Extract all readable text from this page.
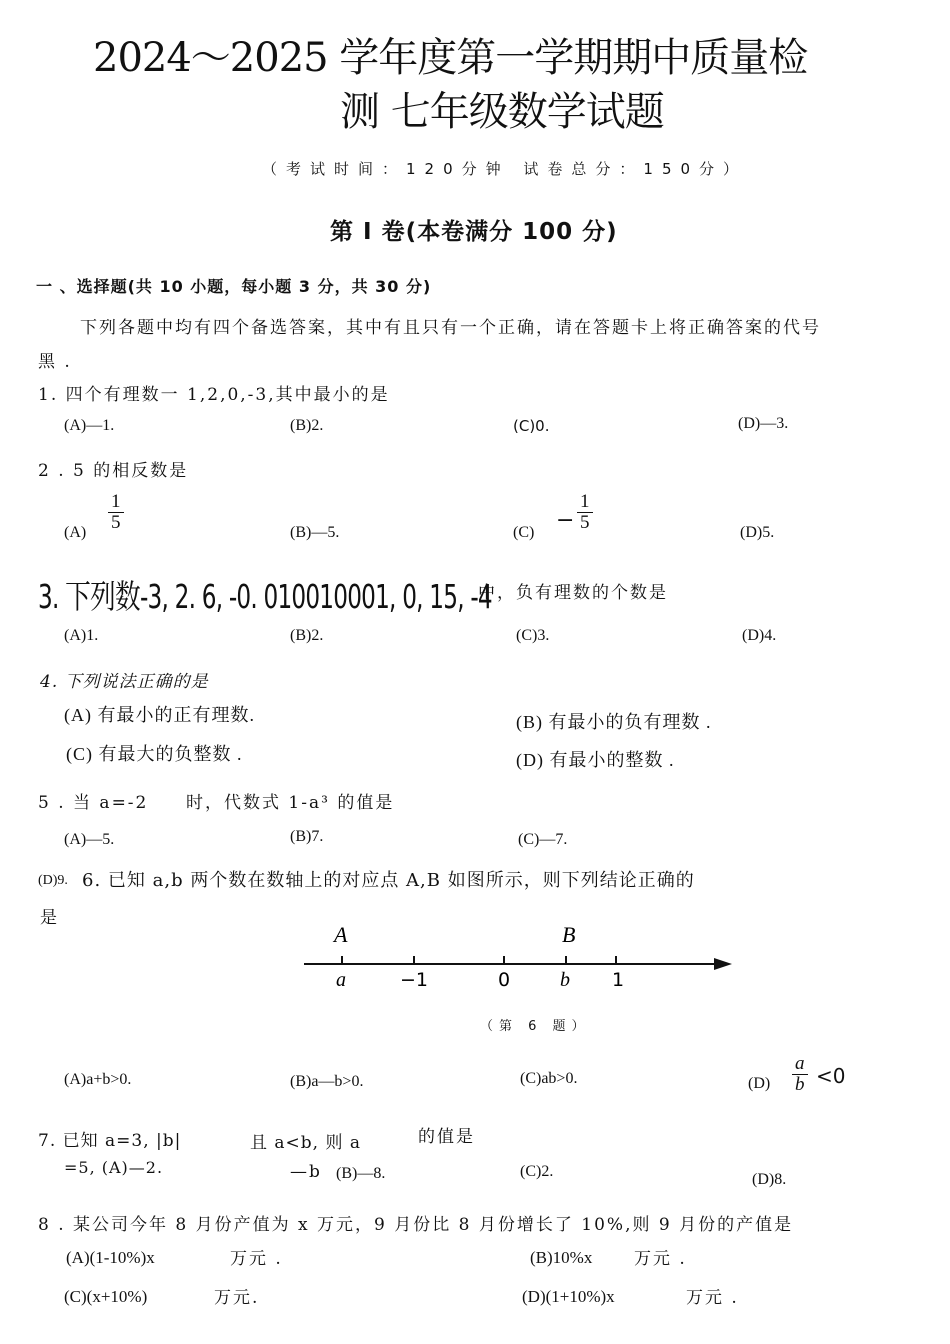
2024～2025 学年度第一学期期中质量检
测 七年级数学试题
（考试时间：120分钟 试卷总分：150分）
第 I 卷(本卷满分 100 分)
一 、选择题(共 10 小题，每小题 3 分，共 30 分)
下列各题中均有四个备选答案，其中有且只有一个正确，请在答题卡上将正确答案的代号
黑 .
1. 四个有理数一 1,2,0,-3,其中最小的是
(A)—1.	(B)2.	(C)0.	(D)—3.
2 . 5 的相反数是
$(A) \frac{1}{5}$	(B)—5.	$(C) - \frac{1}{5}$	(D)5.
3. 下列数-3, 2. 6, -0. 010010001, 0, 15, -4
中，负有理数的个数是
(A)1.	(B)2.	(C)3.	(D)4.
4. 下列说法正确的是
(A) 有最小的正有理数.	(B) 有最小的负有理数 .
(C) 有最大的负整数 .	(D) 有最小的整数 .
5 . 当 a=-2 时，代数式 1-a³ 的值是
(A)—5.	(B)7.	(C)—7.
(D)9. 6. 已知 a,b 两个数在数轴上的对应点 A,B 如图所示，则下列结论正确的
是
A	B
a	−1	0 b 1
（第 6 题）
(A)a+b>0.	(B)a—b>0.	(C)ab>0.	$(D) \frac{a}{b} <0$
7. 已知 a=3, |b|
=5, (A)—2.
且 a<b, 则 a
—b
的值是
(B)—8.	(C)2.	(D)8.
8 . 某公司今年 8 月份产值为 x 万元，9 月份比 8 月份增长了 10%,则 9 月份的产值是
(A)(1-10%)x	万元 .	(B)10%x 万元 .
(C)(x+10%)	万元.	(D)(1+10%)x	万元 .
